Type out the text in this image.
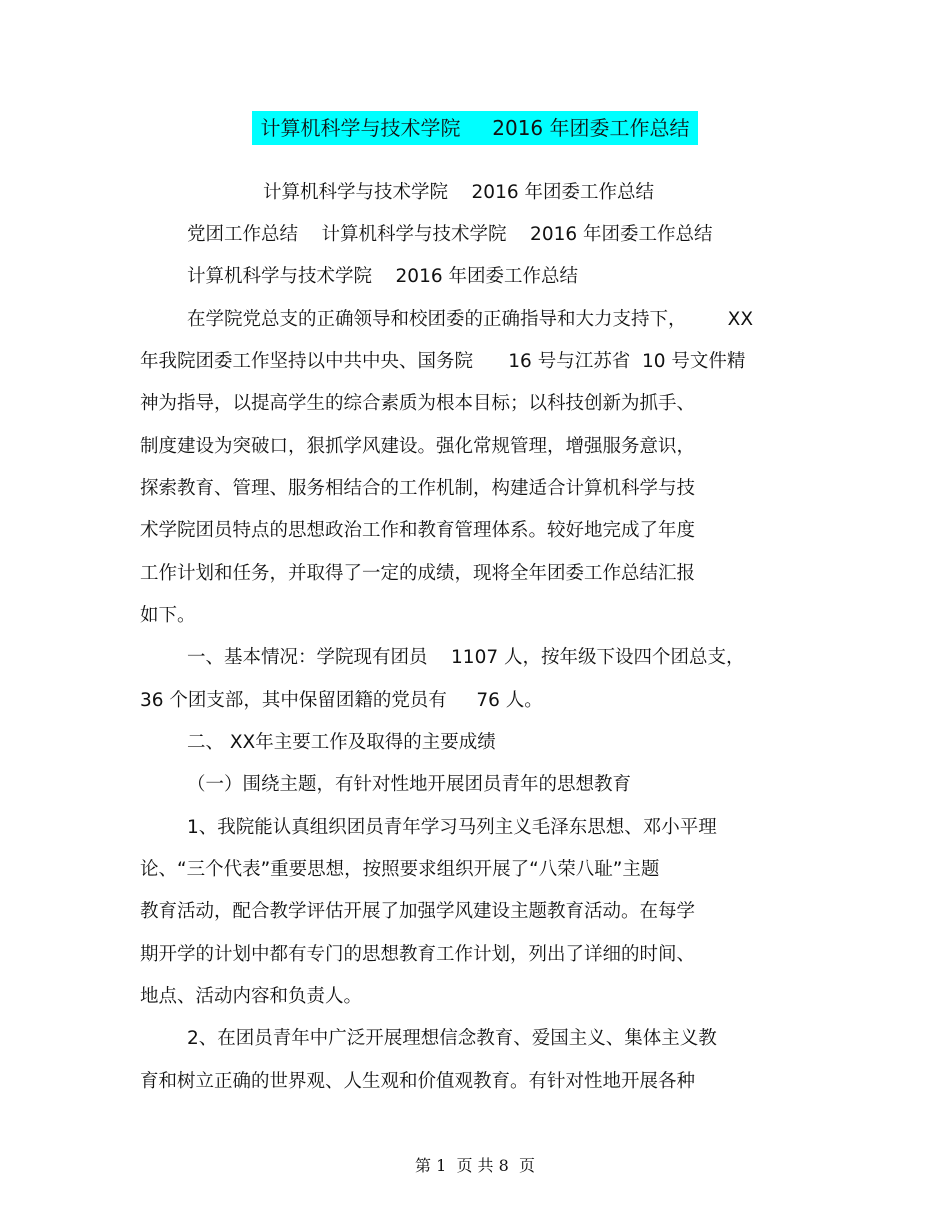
计算机科学与技术学院     2016 年团委工作总结

计算机科学与技术学院    2016 年团委工作总结

党团工作总结    计算机科学与技术学院    2016 年团委工作总结

计算机科学与技术学院    2016 年团委工作总结

在学院党总支的正确领导和校团委的正确指导和大力支持下，       XX

年我院团委工作坚持以中共中央、国务院      16 号与江苏省  10 号文件精

神为指导，以提高学生的综合素质为根本目标；以科技创新为抓手、

制度建设为突破口，狠抓学风建设。强化常规管理，增强服务意识，

探索教育、管理、服务相结合的工作机制，构建适合计算机科学与技

术学院团员特点的思想政治工作和教育管理体系。较好地完成了年度

工作计划和任务，并取得了一定的成绩，现将全年团委工作总结汇报

如下。

一、基本情况：学院现有团员    1107 人，按年级下设四个团总支，

36 个团支部，其中保留团籍的党员有     76 人。

二、 XX年主要工作及取得的主要成绩

（一）围绕主题，有针对性地开展团员青年的思想教育

1、我院能认真组织团员青年学习马列主义毛泽东思想、邓小平理

论、“三个代表”重要思想，按照要求组织开展了“八荣八耻”主题

教育活动，配合教学评估开展了加强学风建设主题教育活动。在每学

期开学的计划中都有专门的思想教育工作计划，列出了详细的时间、

地点、活动内容和负责人。

2、在团员青年中广泛开展理想信念教育、爱国主义、集体主义教

育和树立正确的世界观、人生观和价值观教育。有针对性地开展各种

第 1  页 共 8  页
